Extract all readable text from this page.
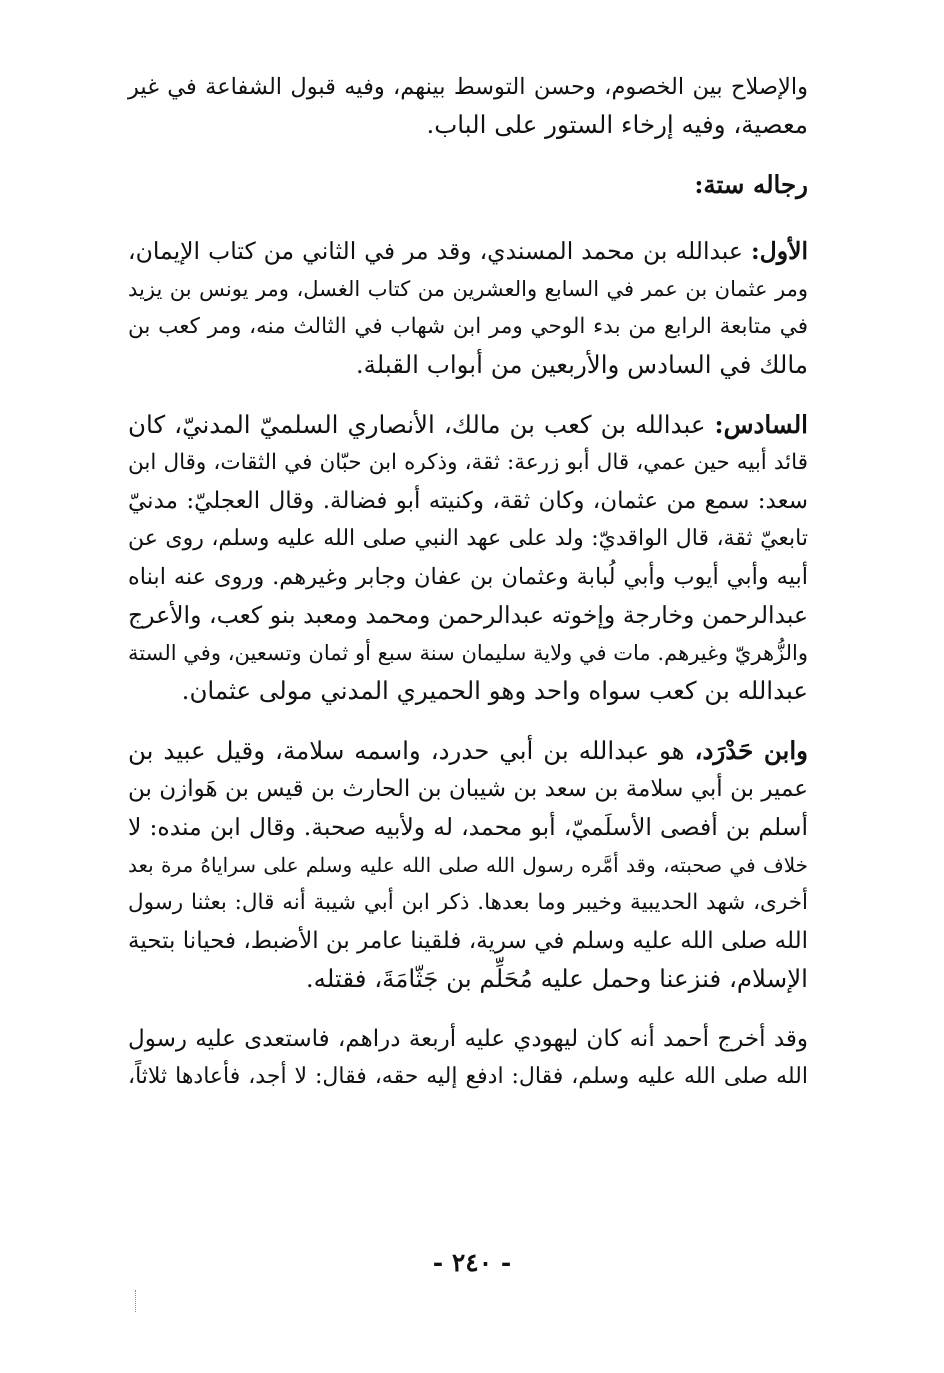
والإصلاح بين الخصوم، وحسن التوسط بينهم، وفيه قبول الشفاعة في غير
معصية، وفيه إرخاء الستور على الباب.

رجاله ستة:

الأول: عبدالله بن محمد المسندي، وقد مر في الثاني من كتاب الإيمان،
ومر عثمان بن عمر في السابع والعشرين من كتاب الغسل، ومر يونس بن يزيد
في متابعة الرابع من بدء الوحي ومر ابن شهاب في الثالث منه، ومر كعب بن
مالك في السادس والأربعين من أبواب القبلة.

السادس: عبدالله بن كعب بن مالك، الأنصاري السلميّ المدنيّ، كان
قائد أبيه حين عمي، قال أبو زرعة: ثقة، وذكره ابن حبّان في الثقات، وقال ابن
سعد: سمع من عثمان، وكان ثقة، وكنيته أبو فضالة. وقال العجليّ: مدنيّ
تابعيّ ثقة، قال الواقديّ: ولد على عهد النبي صلى الله عليه وسلم، روى عن
أبيه وأبي أيوب وأبي لُبابة وعثمان بن عفان وجابر وغيرهم. وروى عنه ابناه
عبدالرحمن وخارجة وإخوته عبدالرحمن ومحمد ومعبد بنو كعب، والأعرج
والزُّهريّ وغيرهم. مات في ولاية سليمان سنة سبع أو ثمان وتسعين، وفي الستة
عبدالله بن كعب سواه واحد وهو الحميري المدني مولى عثمان.

وابن حَدْرَد، هو عبدالله بن أبي حدرد، واسمه سلامة، وقيل عبيد بن
عمير بن أبي سلامة بن سعد بن شيبان بن الحارث بن قيس بن هَوازن بن
أسلم بن أفصى الأسلَميّ، أبو محمد، له ولأبيه صحبة. وقال ابن منده: لا
خلاف في صحبته، وقد أمَّره رسول الله صلى الله عليه وسلم على سراياهُ مرة بعد
أخرى، شهد الحديبية وخيبر وما بعدها. ذكر ابن أبي شيبة أنه قال: بعثنا رسول
الله صلى الله عليه وسلم في سرية، فلقينا عامر بن الأضبط، فحيانا بتحية
الإسلام، فنزعنا وحمل عليه مُحَلِّم بن جَثّامَةَ، فقتله.

وقد أخرج أحمد أنه كان ليهودي عليه أربعة دراهم، فاستعدى عليه رسول
الله صلى الله عليه وسلم، فقال: ادفع إليه حقه، فقال: لا أجد، فأعادها ثلاثاً،

- ٢٤٠ -
